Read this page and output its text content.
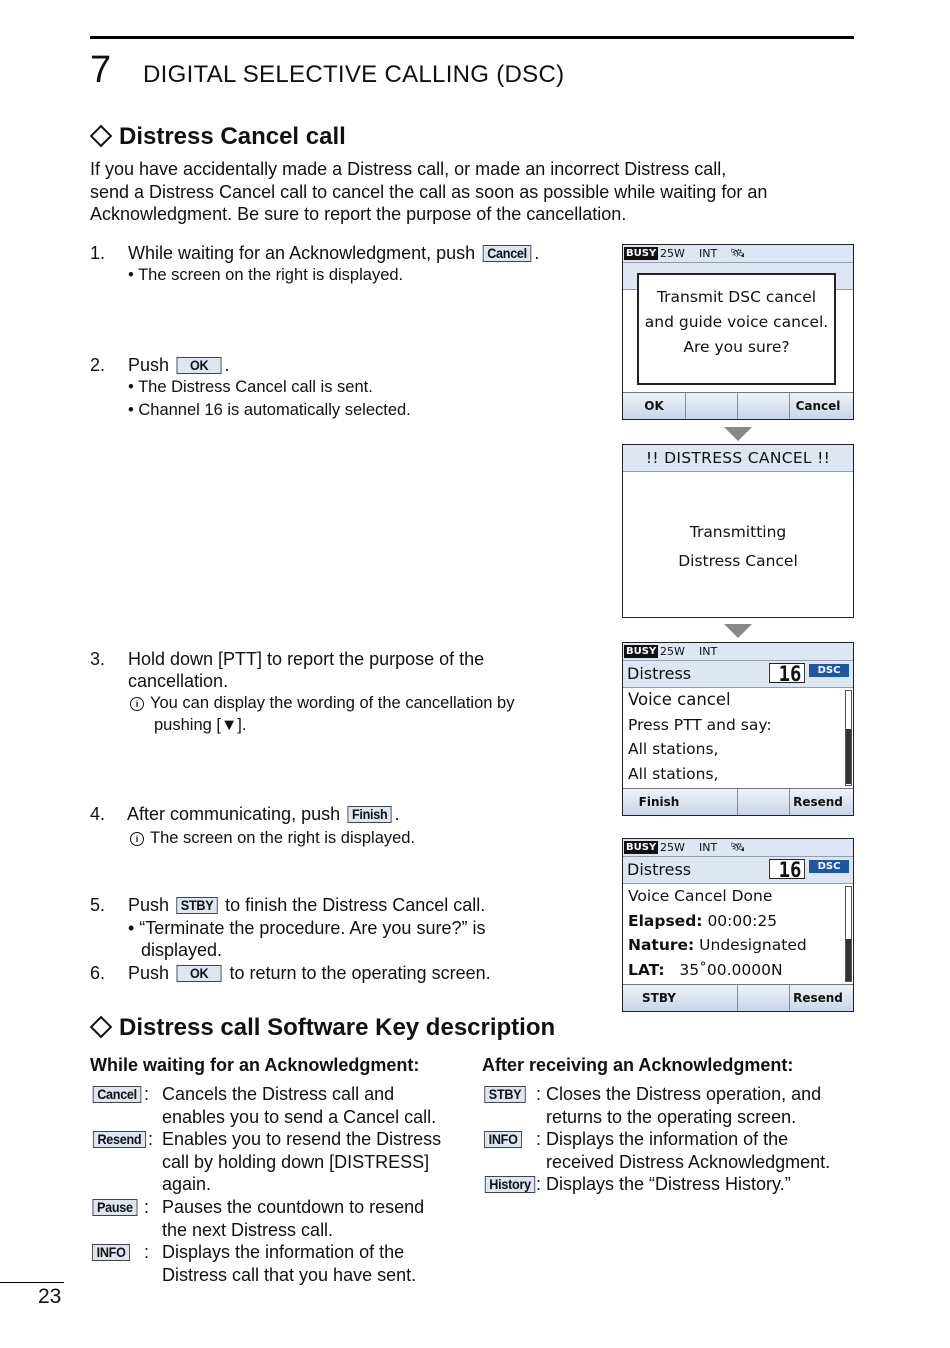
7 DIGITAL SELECTIVE CALLING (DSC)
Distress Cancel call
If you have accidentally made a Distress call, or made an incorrect Distress call,
send a Distress Cancel call to cancel the call as soon as possible while waiting for an
Acknowledgment. Be sure to report the purpose of the cancellation.
1. While waiting for an Acknowledgment, push Cancel .
• The screen on the right is displayed.
2. Push OK .
• The Distress Cancel call is sent.
• Channel 16 is automatically selected.
3. Hold down [PTT] to report the purpose of the
cancellation.
i You can display the wording of the cancellation by
pushing [▼].
4. After communicating, push Finish .
i The screen on the right is displayed.
5. Push STBY to finish the Distress Cancel call.
• “Terminate the procedure. Are you sure?” is
displayed.
6. Push OK to return to the operating screen.
BUSY 25W INT 🛰
Transmit DSC cancel
and guide voice cancel.
Are you sure?
OK	Cancel
!! DISTRESS CANCEL !!
Transmitting
Distress Cancel
BUSY 25W INT
Distress	16	DSC
Voice cancel
Press PTT and say:
All stations,
All stations,
Finish	Resend
BUSY 25W INT 🛰
Distress	16	DSC
Voice Cancel Done
Elapsed: 00:00:25
Nature: Undesignated
LAT: 35˚00.0000N
STBY	Resend
Distress call Software Key description
While waiting for an Acknowledgment:	After receiving an Acknowledgment:
Cancel : Cancels the Distress call and
enables you to send a Cancel call.
Resend : Enables you to resend the Distress
call by holding down [DISTRESS]
again.
Pause : Pauses the countdown to resend
the next Distress call.
INFO : Displays the information of the
Distress call that you have sent.
STBY : Closes the Distress operation, and
returns to the operating screen.
INFO : Displays the information of the
received Distress Acknowledgment.
History : Displays the “Distress History.”
23
